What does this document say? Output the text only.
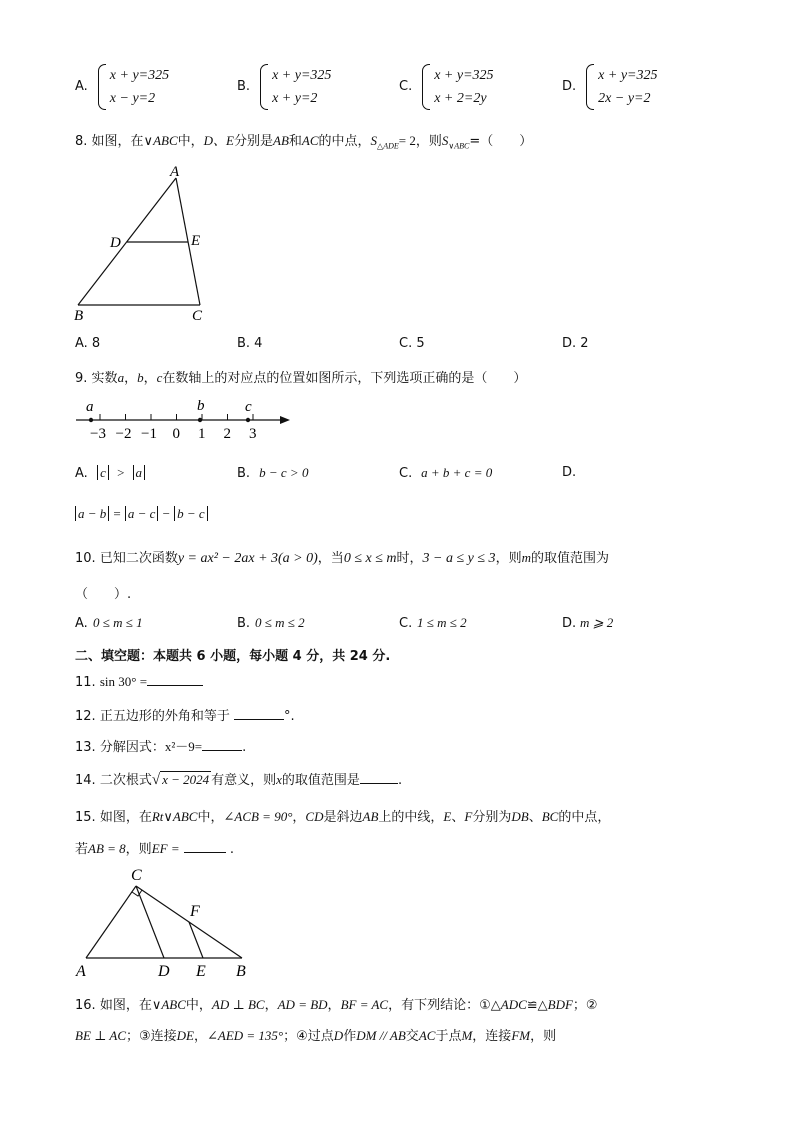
A.
x + y=325
x − y=2
B.
x + y=325
x + y=2
C.
x + y=325
x + 2=2y
D.
x + y=325
2x − y=2
8. 如图，在∨ABC中，D、E分别是AB和AC的中点，$S_{\triangle ADE}= 2$，则$S_{\vee ABC}=$（　　）
A
D	E
B	C
A. 8	B. 4	C. 5	D. 2
9. 实数a，b，c在数轴上的对应点的位置如图所示，下列选项正确的是（　　）
−3 −2 −1 0 1 2 3
a	b	c
A. c > a	B. b − c > 0	C. a + b + c = 0	D.
a − b = a − c − b − c
10. 已知二次函数y = ax² − 2ax + 3(a > 0)，当0 ≤ x ≤ m时，3 − a ≤ y ≤ 3，则m的取值范围为
（　　）.
A. 0 ≤ m ≤ 1	B. 0 ≤ m ≤ 2	C. 1 ≤ m ≤ 2	D. m ⩾ 2
二、填空题：本题共 6 小题，每小题 4 分，共 24 分.
11. sin 30° =
12. 正五边形的外角和等于	°.
13. 分解因式：x²－9=	.
14. 二次根式√ x − 2024 有意义，则x的取值范围是	.
15. 如图，在Rt∨ABC中，∠ACB = 90°，CD是斜边AB上的中线，E、F分别为DB、BC的中点，
若AB = 8，则EF =	.
C
F
A	D E B
16. 如图，在∨ABC中，AD ⊥ BC，AD = BD，BF = AC，有下列结论：①△ADC≌△BDF；②
BE ⊥ AC；③连接DE，∠AED = 135°；④过点D作DM // AB交AC于点M，连接FM，则
